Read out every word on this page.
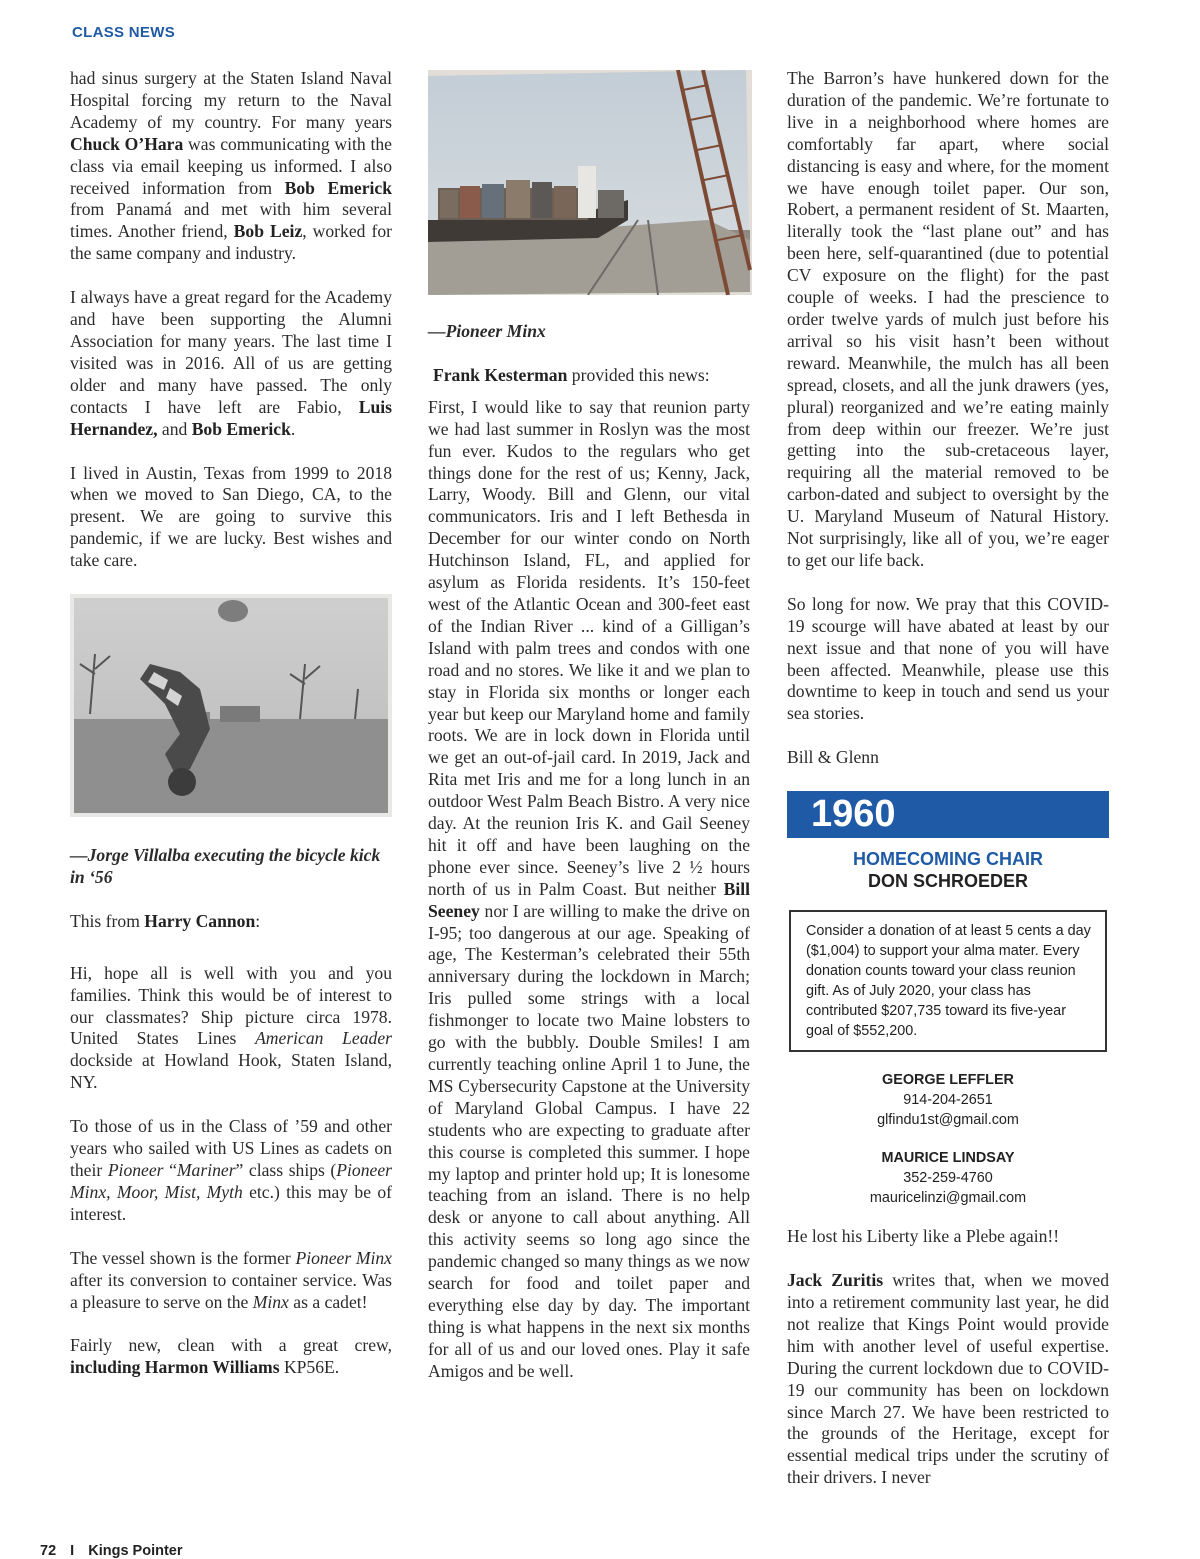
CLASS NEWS

had sinus surgery at the Staten Island Naval Hospital forcing my return to the Naval Academy of my country. For many years Chuck O’Hara was communicating with the class via email keeping us informed. I also received information from Bob Emerick from Panamá and met with him several times. Another friend, Bob Leiz, worked for the same company and industry.

I always have a great regard for the Academy and have been supporting the Alumni Association for many years. The last time I visited was in 2016. All of us are getting older and many have passed. The only contacts I have left are Fabio, Luis Hernandez, and Bob Emerick.

I lived in Austin, Texas from 1999 to 2018 when we moved to San Diego, CA, to the present. We are going to survive this pandemic, if we are lucky. Best wishes and take care.

—Jorge Villalba executing the bicycle kick in ‘56

This from Harry Cannon:

Hi, hope all is well with you and you families. Think this would be of interest to our classmates? Ship picture circa 1978. United States Lines American Leader dockside at Howland Hook, Staten Island, NY.

To those of us in the Class of ’59 and other years who sailed with US Lines as cadets on their Pioneer “Mariner” class ships (Pioneer Minx, Moor, Mist, Myth etc.) this may be of interest.

The vessel shown is the former Pioneer Minx after its conversion to container service. Was a pleasure to serve on the Minx as a cadet!

Fairly new, clean with a great crew, including Harmon Williams KP56E.

—Pioneer Minx

Frank Kesterman provided this news:

First, I would like to say that reunion party we had last summer in Roslyn was the most fun ever. Kudos to the regulars who get things done for the rest of us; Kenny, Jack, Larry, Woody. Bill and Glenn, our vital communicators. Iris and I left Bethesda in December for our winter condo on North Hutchinson Island, FL, and applied for asylum as Florida residents. It’s 150-feet west of the Atlantic Ocean and 300-feet east of the Indian River ... kind of a Gilligan’s Island with palm trees and condos with one road and no stores. We like it and we plan to stay in Florida six months or longer each year but keep our Maryland home and family roots. We are in lock down in Florida until we get an out-of-jail card. In 2019, Jack and Rita met Iris and me for a long lunch in an outdoor West Palm Beach Bistro. A very nice day. At the reunion Iris K. and Gail Seeney hit it off and have been laughing on the phone ever since. Seeney’s live 2 ½ hours north of us in Palm Coast. But neither Bill Seeney nor I are willing to make the drive on I-95; too dangerous at our age. Speaking of age, The Kesterman’s celebrated their 55th anniversary during the lockdown in March; Iris pulled some strings with a local fishmonger to locate two Maine lobsters to go with the bubbly. Double Smiles! I am currently teaching online April 1 to June, the MS Cybersecurity Capstone at the University of Maryland Global Campus. I have 22 students who are expecting to graduate after this course is completed this summer. I hope my laptop and printer hold up; It is lonesome teaching from an island. There is no help desk or anyone to call about anything. All this activity seems so long ago since the pandemic changed so many things as we now search for food and toilet paper and everything else day by day. The important thing is what happens in the next six months for all of us and our loved ones. Play it safe Amigos and be well.

The Barron’s have hunkered down for the duration of the pandemic. We’re fortunate to live in a neighborhood where homes are comfortably far apart, where social distancing is easy and where, for the moment we have enough toilet paper. Our son, Robert, a permanent resident of St. Maarten, literally took the “last plane out” and has been here, self-quarantined (due to potential CV exposure on the flight) for the past couple of weeks. I had the prescience to order twelve yards of mulch just before his arrival so his visit hasn’t been without reward. Meanwhile, the mulch has all been spread, closets, and all the junk drawers (yes, plural) reorganized and we’re eating mainly from deep within our freezer. We’re just getting into the sub-cretaceous layer, requiring all the material removed to be carbon-dated and subject to oversight by the U. Maryland Museum of Natural History. Not surprisingly, like all of you, we’re eager to get our life back.

So long for now. We pray that this COVID-19 scourge will have abated at least by our next issue and that none of you will have been affected. Meanwhile, please use this downtime to keep in touch and send us your sea stories.

Bill & Glenn

1960
HOMECOMING CHAIR
DON SCHROEDER
Consider a donation of at least 5 cents a day ($1,004) to support your alma mater. Every donation counts toward your class reunion gift. As of July 2020, your class has contributed $207,735 toward its five-year goal of $552,200.
GEORGE LEFFLER
914-204-2651
glfindu1st@gmail.com
MAURICE LINDSAY
352-259-4760
mauricelinzi@gmail.com

He lost his Liberty like a Plebe again!!

Jack Zuritis writes that, when we moved into a retirement community last year, he did not realize that Kings Point would provide him with another level of useful expertise. During the current lockdown due to COVID-19 our community has been on lockdown since March 27. We have been restricted to the grounds of the Heritage, except for essential medical trips under the scrutiny of their drivers. I never

72 I Kings Pointer
